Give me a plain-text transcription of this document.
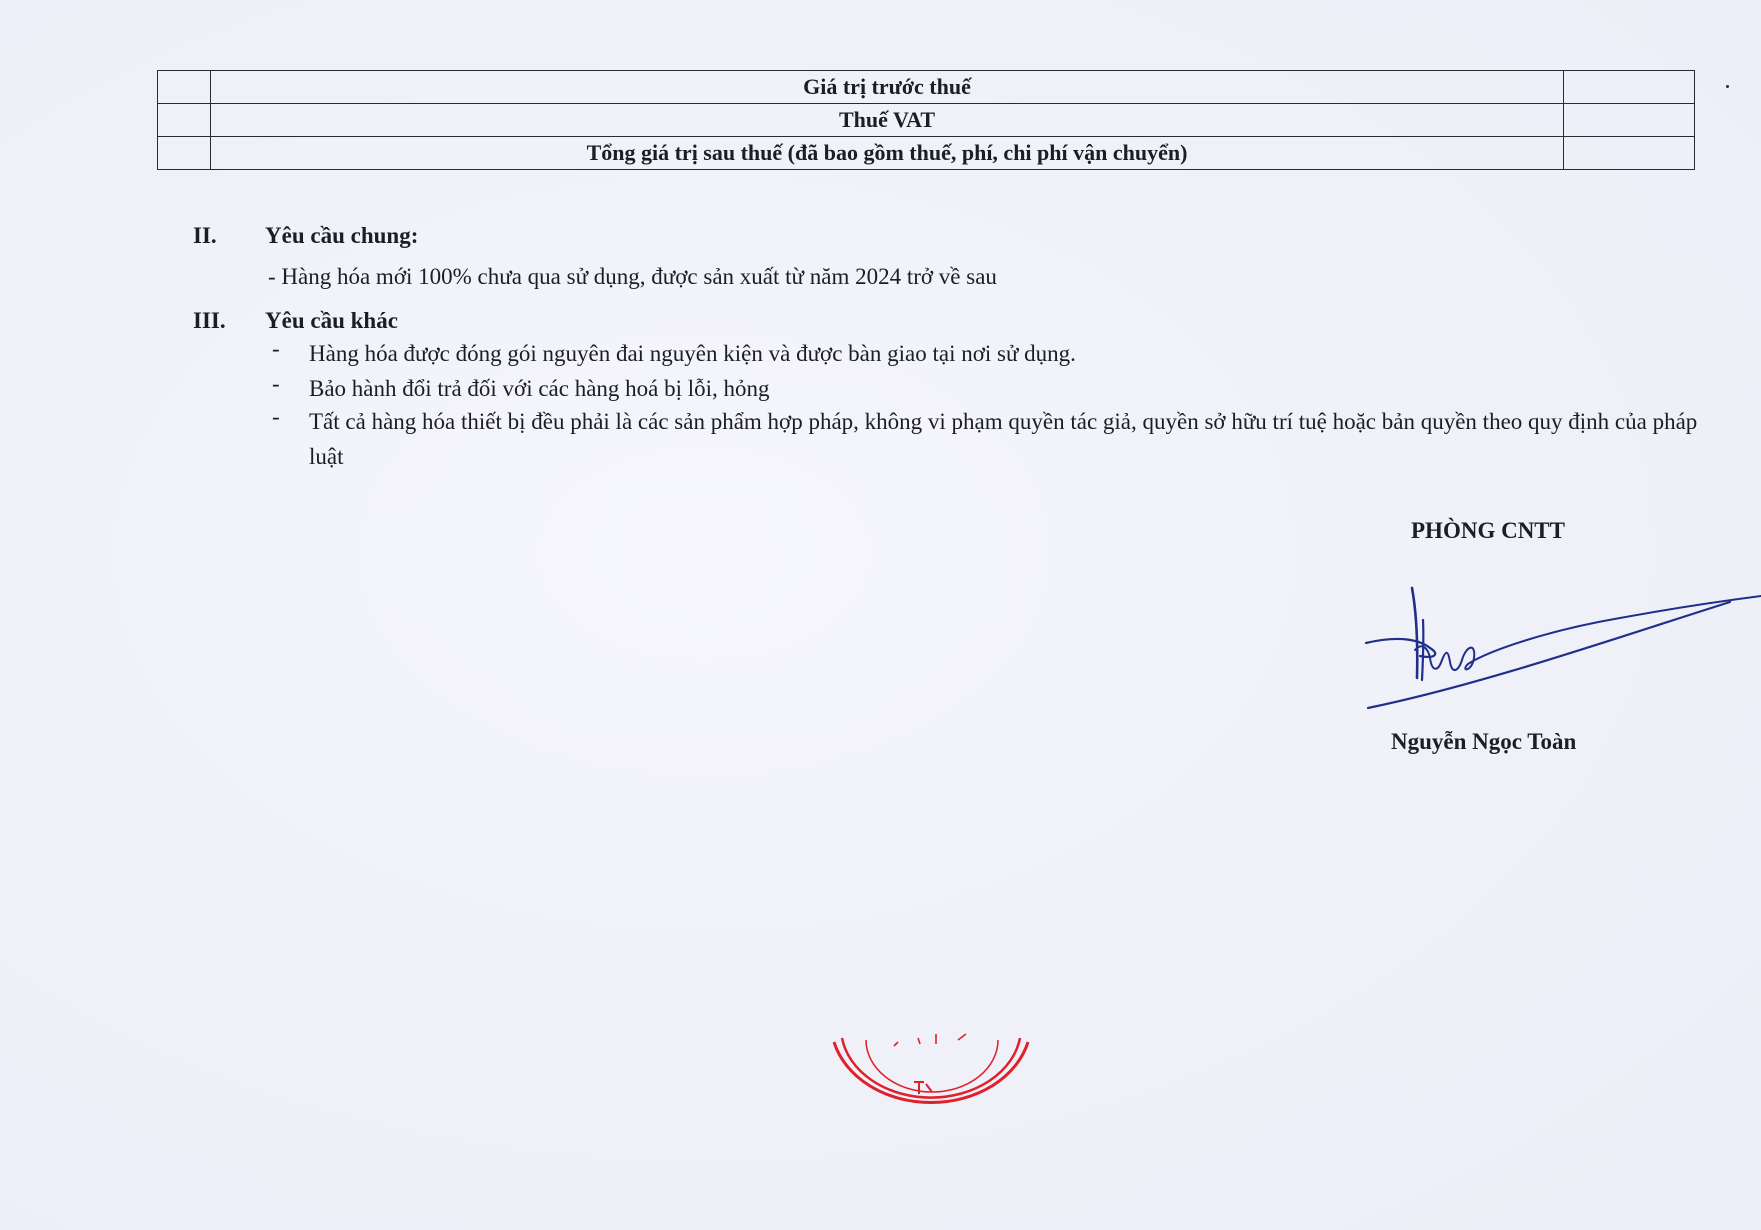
	Giá trị trước thuế	
	Thuế VAT	
	Tổng giá trị sau thuế (đã bao gồm thuế, phí, chi phí vận chuyển)	
II. Yêu cầu chung:
- Hàng hóa mới 100% chưa qua sử dụng, được sản xuất từ năm 2024 trở về sau
III. Yêu cầu khác
- Hàng hóa được đóng gói nguyên đai nguyên kiện và được bàn giao tại nơi sử dụng.
- Bảo hành đổi trả đối với các hàng hoá bị lỗi, hỏng
- Tất cả hàng hóa thiết bị đều phải là các sản phẩm hợp pháp, không vi phạm quyền tác giả, quyền sở hữu trí tuệ hoặc bản quyền theo quy định của pháp luật
PHÒNG CNTT
Nguyễn Ngọc Toàn
